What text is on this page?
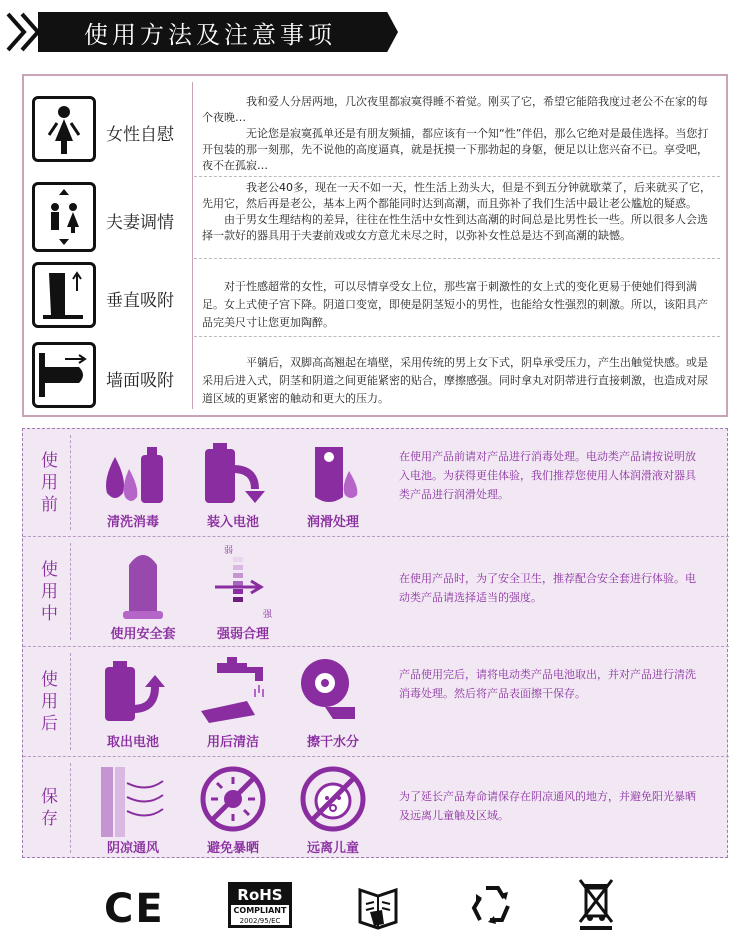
使用方法及注意事项
女性自慰
　　　　我和爱人分居两地，几次夜里都寂寞得睡不着觉。刚买了它，希望它能陪我度过老公不在家的每个夜晚…
　　　　无论您是寂寞孤单还是有朋友频捕，都应该有一个知“性”伴侣，那么它绝对是最佳选择。当您打开包装的那一刻那，先不说他的高度逼真，就是抚摸一下那勃起的身躯，便足以让您兴奋不已。享受吧，夜不在孤寂…
夫妻调情
　　　　我老公40多，现在一天不如一天，性生活上劲头大，但是不到五分钟就歇菜了，后来就买了它，先用它，然后再是老公，基本上两个都能同时达到高潮，而且弥补了我们生活中最让老公尴尬的疑惑。
　　由于男女生理结构的差异，往往在性生活中女性到达高潮的时间总是比男性长一些。所以很多人会选择一款好的器具用于夫妻前戏或女方意尤未尽之时，以弥补女性总是达不到高潮的缺憾。
垂直吸附
　　对于性感超常的女性，可以尽情享受女上位，那些富于刺激性的女上式的变化更易于使她们得到满足。女上式使子宫下降。阴道口变宽，即使是阴茎短小的男性，也能给女性强烈的刺激。所以，该阳具产品完美尺寸让您更加陶醉。
墙面吸附
　　　　平躺后，双脚高高翘起在墙壁，采用传统的男上女下式，阴阜承受压力，产生出触觉快感。或是采用后进入式，阴茎和阴道之间更能紧密的贴合，摩擦感强。同时拿丸对阴蒂进行直接刺激，也造成对尿道区域的更紧密的触动和更大的压力。
使
用
前
清洗消毒	装入电池	润滑处理
在使用产品前请对产品进行消毒处理。电动类产品请按说明放入电池。为获得更佳体验，我们推荐您使用人体润滑液对器具类产品进行润滑处理。
使
用
中
使用安全套
弱
强
强弱合理
在使用产品时，为了安全卫生，推荐配合安全套进行体验。电动类产品请选择适当的强度。
使
用
后
取出电池	用后清洁	擦干水分
产品使用完后，请将电动类产品电池取出，并对产品进行清洗消毒处理。然后将产品表面擦干保存。
保
存
阴凉通风	避免暴晒	远离儿童
为了延长产品寿命请保存在阴凉通风的地方，并避免阳光暴晒及远离儿童触及区域。
CE	RoHS
COMPLIANT
2002/95/EC
